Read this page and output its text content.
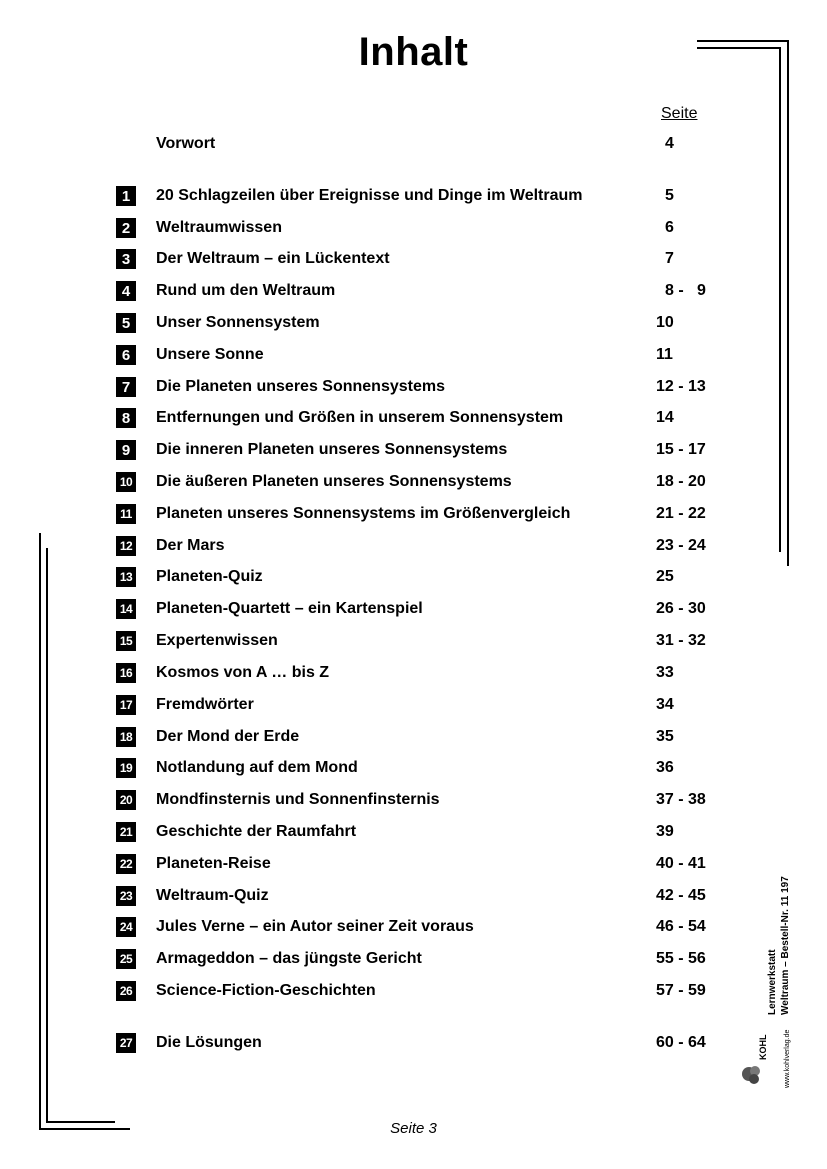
Inhalt
Seite
Vorwort	4
1	20 Schlagzeilen über Ereignisse und Dinge im Weltraum	5
2	Weltraumwissen	6
3	Der Weltraum – ein Lückentext	7
4	Rund um den Weltraum	8 -   9
5	Unser Sonnensystem	10
6	Unsere Sonne	11
7	Die Planeten unseres Sonnensystems	12 - 13
8	Entfernungen und Größen in unserem Sonnensystem	14
9	Die inneren Planeten unseres Sonnensystems	15 - 17
10 Die äußeren Planeten unseres Sonnensystems	18 - 20
11 Planeten unseres Sonnensystems im Größenvergleich	21 - 22
12 Der Mars	23 - 24
13 Planeten-Quiz	25
14 Planeten-Quartett – ein Kartenspiel	26 - 30
15 Expertenwissen	31 - 32
16 Kosmos von A … bis Z	33
17 Fremdwörter	34
18 Der Mond der Erde	35
19 Notlandung auf dem Mond	36
20 Mondfinsternis und Sonnenfinsternis	37 - 38
21 Geschichte der Raumfahrt	39
22 Planeten-Reise	40 - 41
23 Weltraum-Quiz	42 - 45
24 Jules Verne – ein Autor seiner Zeit voraus	46 - 54
25 Armageddon – das jüngste Gericht	55 - 56
26 Science-Fiction-Geschichten	57 - 59
27 Die Lösungen	60 - 64	KOHL www.kohlverlag.de
Lernwerkstatt Weltraum – Bestell-Nr. 11 197
Seite 3
